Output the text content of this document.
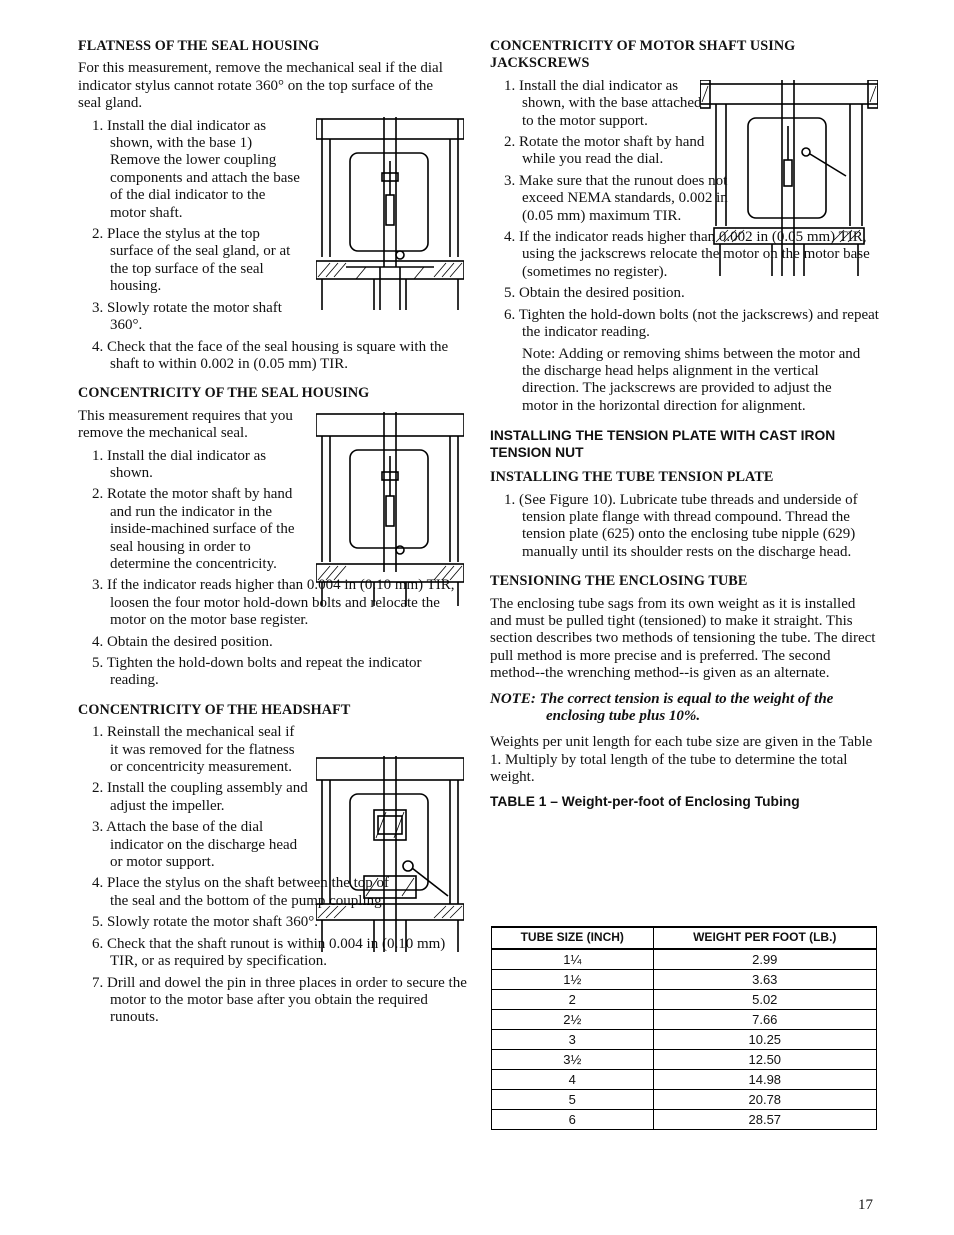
FLATNESS OF THE SEAL HOUSING

For this measurement, remove the mechanical seal if the dial indicator stylus cannot rotate 360° on the top surface of the seal gland.

1. Install the dial indicator as shown, with the base 1) Remove the lower coupling components and attach the base of the dial indicator to the motor shaft.
2. Place the stylus at the top surface of the seal gland, or at the top surface of the seal housing.
3. Slowly rotate the motor shaft 360°.
4. Check that the face of the seal housing is square with the shaft to within 0.002 in (0.05 mm) TIR.
CONCENTRICITY OF THE SEAL HOUSING

This measurement requires that you remove the mechanical seal.

1. Install the dial indicator as shown.
2. Rotate the motor shaft by hand and run the indicator in the inside-machined surface of the seal housing in order to determine the concentricity.
3. If the indicator reads higher than 0.004 in (0.10 mm) TIR, loosen the four motor hold-down bolts and relocate the motor on the motor base register.
4. Obtain the desired position.
5. Tighten the hold-down bolts and repeat the indicator reading.
CONCENTRICITY OF THE HEADSHAFT
1. Reinstall the mechanical seal if it was removed for the flatness or concentricity measurement.
2. Install the coupling assembly and adjust the impeller.
3. Attach the base of the dial indicator on the discharge head or motor support.
4. Place the stylus on the shaft between the top of the seal and the bottom of the pump coupling.
5. Slowly rotate the motor shaft 360°.
6. Check that the shaft runout is within 0.004 in (0.10 mm) TIR, or as required by specification.
7. Drill and dowel the pin in three places in order to secure the motor to the motor base after you obtain the required runouts.
CONCENTRICITY OF MOTOR SHAFT USING JACKSCREWS
1. Install the dial indicator as shown, with the base attached to the motor support.
2. Rotate the motor shaft by hand while you read the dial.
3. Make sure that the runout does not exceed NEMA standards, 0.002 in (0.05 mm) maximum TIR.
4. If the indicator reads higher than 0.002 in (0.05 mm) TIR, using the jackscrews relocate the motor on the motor base (sometimes no register).
5. Obtain the desired position.
6. Tighten the hold-down bolts (not the jackscrews) and repeat the indicator reading.

Note: Adding or removing shims between the motor and the discharge head helps alignment in the vertical direction. The jackscrews are provided to adjust the motor in the horizontal direction for alignment.

INSTALLING THE TENSION PLATE WITH CAST IRON TENSION NUT
INSTALLING THE TUBE TENSION PLATE
1. (See Figure 10). Lubricate tube threads and underside of tension plate flange with thread compound. Thread the tension plate (625) onto the enclosing tube nipple (629) manually until its shoulder rests on the discharge head.
TENSIONING THE ENCLOSING TUBE

The enclosing tube sags from its own weight as it is installed and must be pulled tight (tensioned) to make it straight. This section describes two methods of tensioning the tube. The direct pull method is more precise and is preferred. The second method--the wrenching method--is given as an alternate.

NOTE: The correct tension is equal to the weight of the enclosing tube plus 10%.

Weights per unit length for each tube size are given in the Table 1. Multiply by total length of the tube to determine the total weight.

TABLE 1 – Weight-per-foot of Enclosing Tubing
TUBE SIZE (INCH)	WEIGHT PER FOOT (LB.)
1¼	2.99
1½	3.63
2	5.02
2½	7.66
3	10.25
3½	12.50
4	14.98
5	20.78
6	28.57
17
